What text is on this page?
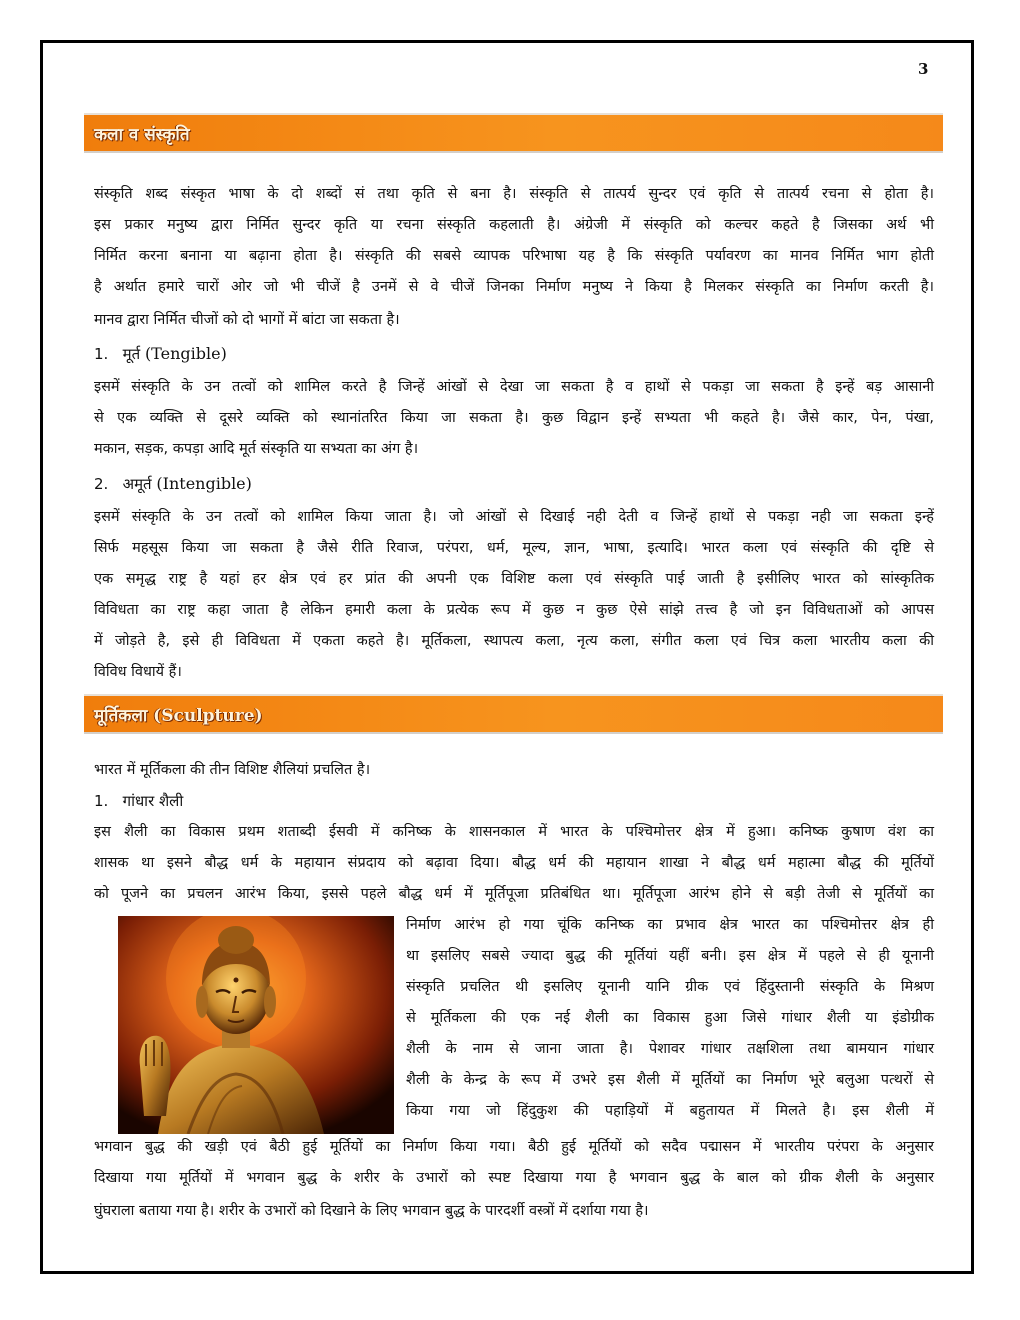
3
कला व संस्कृति
संस्कृति शब्द संस्कृत भाषा के दो शब्दों सं तथा कृति से बना है। संस्कृति से तात्पर्य सुन्दर एवं कृति से तात्पर्य रचना से होता है।
इस प्रकार मनुष्य द्वारा निर्मित सुन्दर कृति या रचना संस्कृति कहलाती है। अंग्रेजी में संस्कृति को कल्चर कहते है जिसका अर्थ भी
निर्मित करना बनाना या बढ़ाना होता है। संस्कृति की सबसे व्यापक परिभाषा यह है कि संस्कृति पर्यावरण का मानव निर्मित भाग होती
है अर्थात हमारे चारों ओर जो भी चीजें है उनमें से वे चीजें जिनका निर्माण मनुष्य ने किया है मिलकर संस्कृति का निर्माण करती है।
मानव द्वारा निर्मित चीजों को दो भागों में बांटा जा सकता है।
1. मूर्त (Tengible)
इसमें संस्कृति के उन तत्वों को शामिल करते है जिन्हें आंखों से देखा जा सकता है व हाथों से पकड़ा जा सकता है इन्हें बड़ आसानी
से एक व्यक्ति से दूसरे व्यक्ति को स्थानांतरित किया जा सकता है। कुछ विद्वान इन्हें सभ्यता भी कहते है। जैसे कार, पेन, पंखा,
मकान, सड़क, कपड़ा आदि मूर्त संस्कृति या सभ्यता का अंग है।
2. अमूर्त (Intengible)
इसमें संस्कृति के उन तत्वों को शामिल किया जाता है। जो आंखों से दिखाई नही देती व जिन्हें हाथों से पकड़ा नही जा सकता इन्हें
सिर्फ महसूस किया जा सकता है जैसे रीति रिवाज, परंपरा, धर्म, मूल्य, ज्ञान, भाषा, इत्यादि। भारत कला एवं संस्कृति की दृष्टि से
एक समृद्ध राष्ट्र है यहां हर क्षेत्र एवं हर प्रांत की अपनी एक विशिष्ट कला एवं संस्कृति पाई जाती है इसीलिए भारत को सांस्कृतिक
विविधता का राष्ट्र कहा जाता है लेकिन हमारी कला के प्रत्येक रूप में कुछ न कुछ ऐसे सांझे तत्त्व है जो इन विविधताओं को आपस
में जोड़ते है, इसे ही विविधता में एकता कहते है। मूर्तिकला, स्थापत्य कला, नृत्य कला, संगीत कला एवं चित्र कला भारतीय कला की
विविध विधायें हैं।
मूर्तिकला (Sculpture)
भारत में मूर्तिकला की तीन विशिष्ट शैलियां प्रचलित है।
1. गांधार शैली
इस शैली का विकास प्रथम शताब्दी ईसवी में कनिष्क के शासनकाल में भारत के पश्चिमोत्तर क्षेत्र में हुआ। कनिष्क कुषाण वंश का
शासक था इसने बौद्ध धर्म के महायान संप्रदाय को बढ़ावा दिया। बौद्ध धर्म की महायान शाखा ने बौद्ध धर्म महात्मा बौद्ध की मूर्तियों
को पूजने का प्रचलन आरंभ किया, इससे पहले बौद्ध धर्म में मूर्तिपूजा प्रतिबंधित था। मूर्तिपूजा आरंभ होने से बड़ी तेजी से मूर्तियों का
निर्माण आरंभ हो गया चूंकि कनिष्क का प्रभाव क्षेत्र भारत का पश्चिमोत्तर क्षेत्र ही
था इसलिए सबसे ज्यादा बुद्ध की मूर्तियां यहीं बनी। इस क्षेत्र में पहले से ही यूनानी
संस्कृति प्रचलित थी इसलिए यूनानी यानि ग्रीक एवं हिंदुस्तानी संस्कृति के मिश्रण
से मूर्तिकला की एक नई शैली का विकास हुआ जिसे गांधार शैली या इंडोग्रीक
शैली के नाम से जाना जाता है। पेशावर गांधार तक्षशिला तथा बामयान गांधार
शैली के केन्द्र के रूप में उभरे इस शैली में मूर्तियों का निर्माण भूरे बलुआ पत्थरों से
किया गया जो हिंदुकुश की पहाड़ियों में बहुतायत में मिलते है। इस शैली में
भगवान बुद्ध की खड़ी एवं बैठी हुई मूर्तियों का निर्माण किया गया। बैठी हुई मूर्तियों को सदैव पद्मासन में भारतीय परंपरा के अनुसार
दिखाया गया मूर्तियों में भगवान बुद्ध के शरीर के उभारों को स्पष्ट दिखाया गया है भगवान बुद्ध के बाल को ग्रीक शैली के अनुसार
घुंघराला बताया गया है। शरीर के उभारों को दिखाने के लिए भगवान बुद्ध के पारदर्शी वस्त्रों में दर्शाया गया है।
